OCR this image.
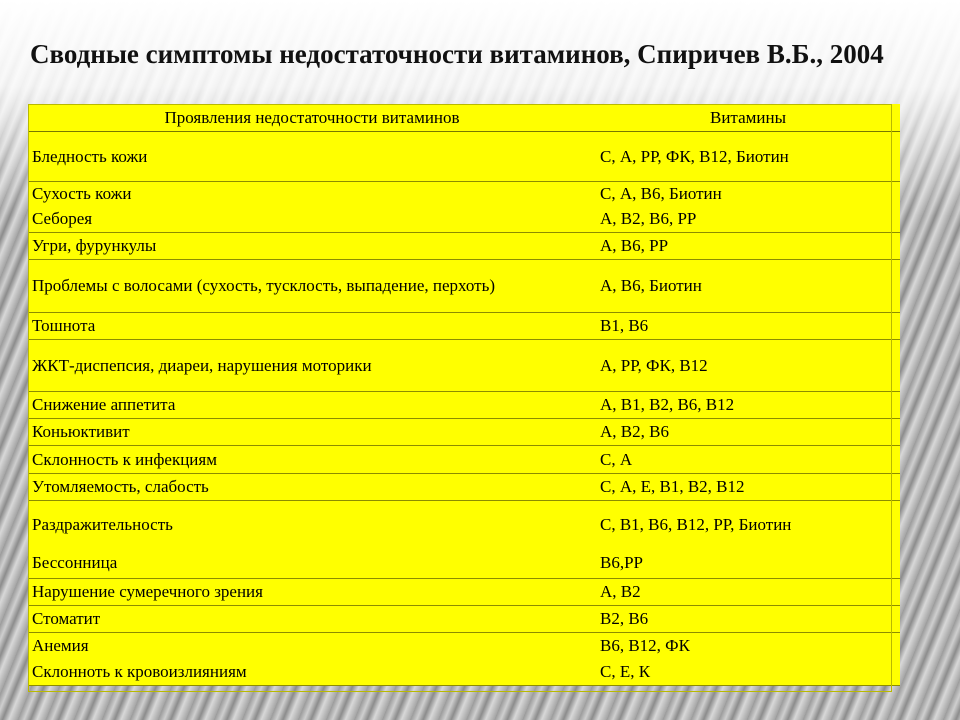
Сводные симптомы недостаточности витаминов, Спиричев В.Б., 2004
Проявления недостаточности витаминов	Витамины
Бледность кожи	С, А, РР, ФК, В12, Биотин
Сухость кожи	С, А, В6, Биотин
Себорея	А, В2, В6, РР
Угри, фурункулы	А, В6, РР
Проблемы с волосами (сухость, тусклость, выпадение, перхоть)	А, В6, Биотин
Тошнота	В1, В6
ЖКТ-диспепсия, диареи, нарушения моторики	А, РР, ФК, В12
Снижение аппетита	А, В1, В2, В6, В12
Коньюктивит	А, В2, В6
Склонность к инфекциям	С, А
Утомляемость, слабость	С, А, Е, В1, В2, В12
Раздражительность	С, В1, В6, В12, РР, Биотин
Бессонница	В6,РР
Нарушение сумеречного зрения	А, В2
Стоматит	В2, В6
Анемия	В6, В12, ФК
Склонноть к кровоизлияниям	С, Е, К
